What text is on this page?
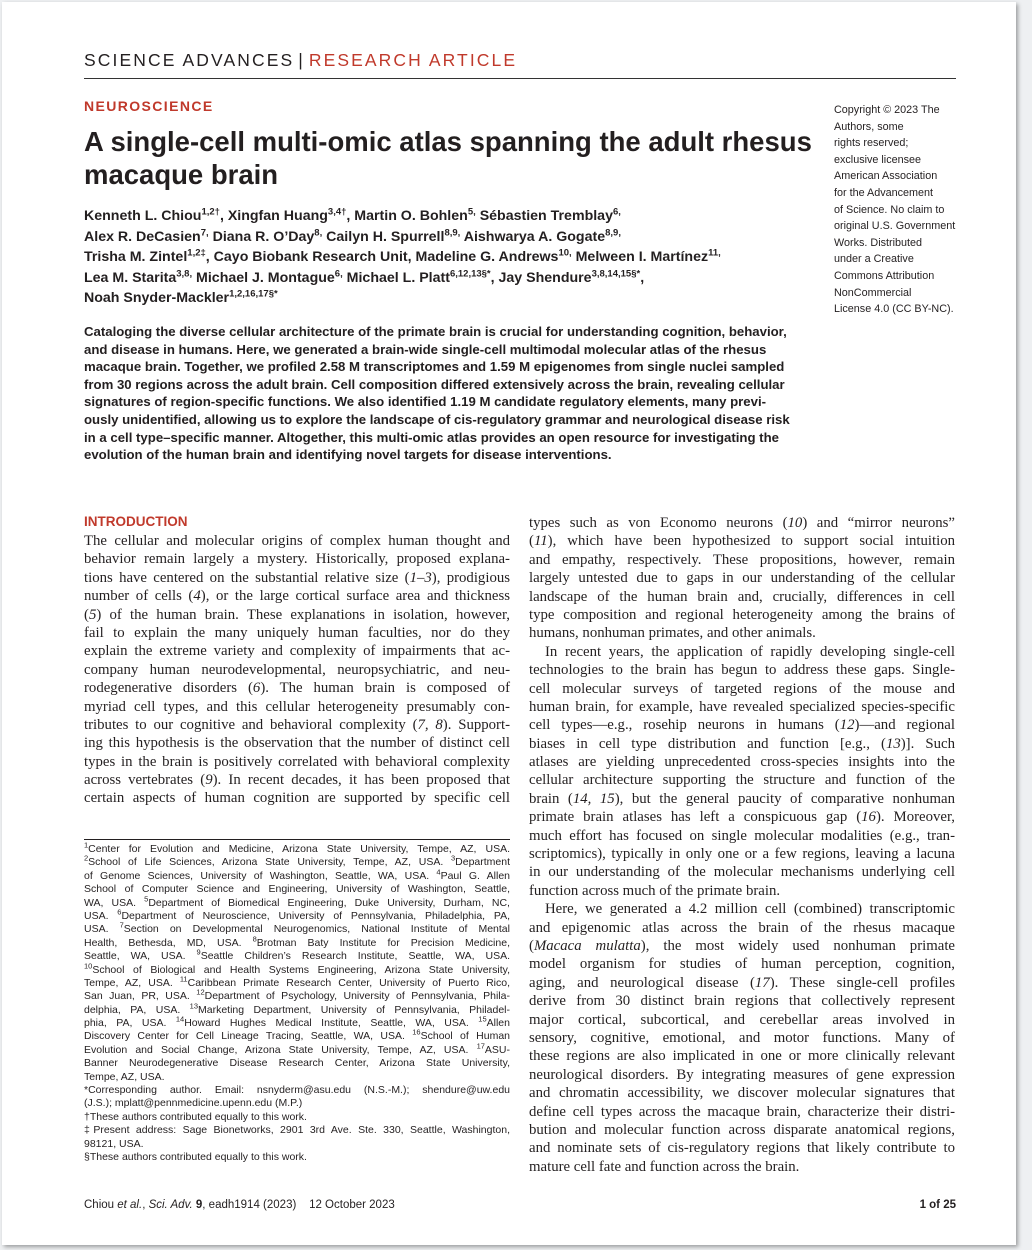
SCIENCE ADVANCES | RESEARCH ARTICLE
NEUROSCIENCE
A single-cell multi-omic atlas spanning the adult rhesus
macaque brain
Kenneth L. Chiou$^{1,2\dagger}$, Xingfan Huang$^{3,4\dagger}$, Martin O. Bohlen$^{5,}$ Sébastien Tremblay$^{6,}$
Alex R. DeCasien$^{7,}$ Diana R. O’Day$^{8,}$ Cailyn H. Spurrell$^{8,9,}$ Aishwarya A. Gogate$^{8,9,}$
Trisha M. Zintel$^{1,2\ddagger}$, Cayo Biobank Research Unit, Madeline G. Andrews$^{10,}$ Melween I. Martínez$^{11,}$
Lea M. Starita$^{3,8,}$ Michael J. Montague$^{6,}$ Michael L. Platt$^{6,12,13\S*}$, Jay Shendure$^{3,8,14,15\S*}$,
Noah Snyder-Mackler$^{1,2,16,17\S*}$
Copyright © 2023 The
Authors, some
rights reserved;
exclusive licensee
American Association
for the Advancement
of Science. No claim to
original U.S. Government
Works. Distributed
under a Creative
Commons Attribution
NonCommercial
License 4.0 (CC BY-NC).
Cataloging the diverse cellular architecture of the primate brain is crucial for understanding cognition, behavior,
and disease in humans. Here, we generated a brain-wide single-cell multimodal molecular atlas of the rhesus
macaque brain. Together, we profiled 2.58 M transcriptomes and 1.59 M epigenomes from single nuclei sampled
from 30 regions across the adult brain. Cell composition differed extensively across the brain, revealing cellular
signatures of region-specific functions. We also identified 1.19 M candidate regulatory elements, many previ-
ously unidentified, allowing us to explore the landscape of cis-regulatory grammar and neurological disease risk
in a cell type–specific manner. Altogether, this multi-omic atlas provides an open resource for investigating the
evolution of the human brain and identifying novel targets for disease interventions.
INTRODUCTION
The cellular and molecular origins of complex human thought and
behavior remain largely a mystery. Historically, proposed explana-
tions have centered on the substantial relative size (1–3), prodigious
number of cells (4), or the large cortical surface area and thickness
(5) of the human brain. These explanations in isolation, however,
fail to explain the many uniquely human faculties, nor do they
explain the extreme variety and complexity of impairments that ac-
company human neurodevelopmental, neuropsychiatric, and neu-
rodegenerative disorders (6). The human brain is composed of
myriad cell types, and this cellular heterogeneity presumably con-
tributes to our cognitive and behavioral complexity (7, 8). Support-
ing this hypothesis is the observation that the number of distinct cell
types in the brain is positively correlated with behavioral complexity
across vertebrates (9). In recent decades, it has been proposed that
certain aspects of human cognition are supported by specific cell
types such as von Economo neurons (10) and “mirror neurons”
(11), which have been hypothesized to support social intuition
and empathy, respectively. These propositions, however, remain
largely untested due to gaps in our understanding of the cellular
landscape of the human brain and, crucially, differences in cell
type composition and regional heterogeneity among the brains of
humans, nonhuman primates, and other animals.
In recent years, the application of rapidly developing single-cell
technologies to the brain has begun to address these gaps. Single-
cell molecular surveys of targeted regions of the mouse and
human brain, for example, have revealed specialized species-specific
cell types—e.g., rosehip neurons in humans (12)—and regional
biases in cell type distribution and function [e.g., (13)]. Such
atlases are yielding unprecedented cross-species insights into the
cellular architecture supporting the structure and function of the
brain (14, 15), but the general paucity of comparative nonhuman
primate brain atlases has left a conspicuous gap (16). Moreover,
much effort has focused on single molecular modalities (e.g., tran-
scriptomics), typically in only one or a few regions, leaving a lacuna
in our understanding of the molecular mechanisms underlying cell
function across much of the primate brain.
Here, we generated a 4.2 million cell (combined) transcriptomic
and epigenomic atlas across the brain of the rhesus macaque
(Macaca mulatta), the most widely used nonhuman primate
model organism for studies of human perception, cognition,
aging, and neurological disease (17). These single-cell profiles
derive from 30 distinct brain regions that collectively represent
major cortical, subcortical, and cerebellar areas involved in
sensory, cognitive, emotional, and motor functions. Many of
these regions are also implicated in one or more clinically relevant
neurological disorders. By integrating measures of gene expression
and chromatin accessibility, we discover molecular signatures that
define cell types across the macaque brain, characterize their distri-
bution and molecular function across disparate anatomical regions,
and nominate sets of cis-regulatory regions that likely contribute to
mature cell fate and function across the brain.
$^1$Center for Evolution and Medicine, Arizona State University, Tempe, AZ, USA.
$^2$School of Life Sciences, Arizona State University, Tempe, AZ, USA. $^3$Department
of Genome Sciences, University of Washington, Seattle, WA, USA. $^4$Paul G. Allen
School of Computer Science and Engineering, University of Washington, Seattle,
WA, USA. $^5$Department of Biomedical Engineering, Duke University, Durham, NC,
USA. $^6$Department of Neuroscience, University of Pennsylvania, Philadelphia, PA,
USA. $^7$Section on Developmental Neurogenomics, National Institute of Mental
Health, Bethesda, MD, USA. $^8$Brotman Baty Institute for Precision Medicine,
Seattle, WA, USA. $^9$Seattle Children’s Research Institute, Seattle, WA, USA.
$^{10}$School of Biological and Health Systems Engineering, Arizona State University,
Tempe, AZ, USA. $^{11}$Caribbean Primate Research Center, University of Puerto Rico,
San Juan, PR, USA. $^{12}$Department of Psychology, University of Pennsylvania, Phila-
delphia, PA, USA. $^{13}$Marketing Department, University of Pennsylvania, Philadel-
phia, PA, USA. $^{14}$Howard Hughes Medical Institute, Seattle, WA, USA. $^{15}$Allen
Discovery Center for Cell Lineage Tracing, Seattle, WA, USA. $^{16}$School of Human
Evolution and Social Change, Arizona State University, Tempe, AZ, USA. $^{17}$ASU-
Banner Neurodegenerative Disease Research Center, Arizona State University,
Tempe, AZ, USA.
*Corresponding author. Email: nsnyderm@asu.edu (N.S.-M.); shendure@uw.edu
(J.S.); mplatt@pennmedicine.upenn.edu (M.P.)
†These authors contributed equally to this work.
‡Present address: Sage Bionetworks, 2901 3rd Ave. Ste. 330, Seattle, Washington,
98121, USA.
§These authors contributed equally to this work.
Chiou et al., Sci. Adv. 9, eadh1914 (2023)    12 October 2023	1 of 25
